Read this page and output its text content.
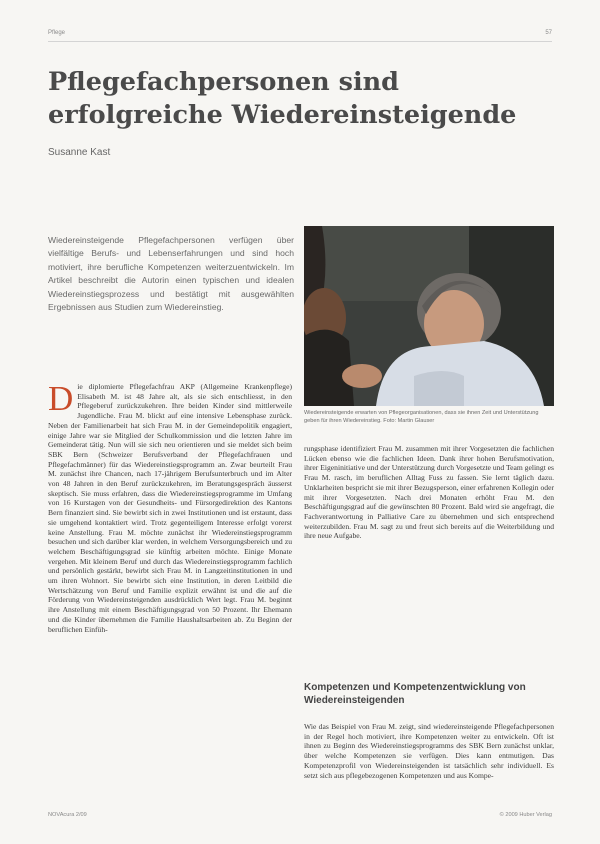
Pflege	57
Pflegefachpersonen sind erfolgreiche Wiedereinsteigende
Susanne Kast

Wiedereinsteigende Pflegefachpersonen verfügen über vielfältige Berufs- und Lebenserfahrungen und sind hoch motiviert, ihre berufliche Kompetenzen weiterzuentwickeln. Im Artikel beschreibt die Autorin einen typischen und idealen Wiedereinstiegsprozess und bestätigt mit ausgewählten Ergebnissen aus Studien zum Wiedereinstieg.

Wiedereinsteigende erwarten von Pflegeorganisationen, dass sie ihnen Zeit und Unterstützung geben für ihren Wiedereinstieg. Foto: Martin Glauser

Die diplomierte Pflegefachfrau AKP (Allgemeine Krankenpflege) Elisabeth M. ist 48 Jahre alt, als sie sich entschliesst, in den Pflegeberuf zurückzukehren. Ihre beiden Kinder sind mittlerweile Jugendliche. Frau M. blickt auf eine intensive Lebensphase zurück. Neben der Familienarbeit hat sich Frau M. in der Gemeindepolitik engagiert, einige Jahre war sie Mitglied der Schulkommission und die letzten Jahre im Gemeinderat tätig. Nun will sie sich neu orientieren und sie meldet sich beim SBK Bern (Schweizer Berufsverband der Pflegefachfrauen und Pflegefachmänner) für das Wiedereinstiegsprogramm an. Zwar beurteilt Frau M. zunächst ihre Chancen, nach 17-jährigem Berufsunterbruch und im Alter von 48 Jahren in den Beruf zurückzukehren, im Beratungsgespräch äusserst skeptisch. Sie muss erfahren, dass die Wiedereinstiegsprogramme im Umfang von 16 Kurstagen von der Gesundheits- und Fürsorgedirektion des Kantons Bern finanziert sind. Sie bewirbt sich in zwei Institutionen und ist erstaunt, dass sie umgehend kontaktiert wird. Trotz gegenteiligem Interesse erfolgt vorerst keine Anstellung. Frau M. möchte zunächst ihr Wiedereinstiegsprogramm besuchen und sich darüber klar werden, in welchem Versorgungsbereich und zu welchem Beschäftigungsgrad sie künftig arbeiten möchte. Einige Monate vergehen. Mit kleinem Beruf und durch das Wiedereinstiegsprogramm fachlich und persönlich gestärkt, bewirbt sich Frau M. in Langzeitinstitutionen in und um ihren Wohnort. Sie bewirbt sich eine Institution, in deren Leitbild die Wertschätzung von Beruf und Familie explizit erwähnt ist und die auf die Förderung von Wiedereinsteigenden ausdrücklich Wert legt. Frau M. beginnt ihre Anstellung mit einem Beschäftigungsgrad von 50 Prozent. Ihr Ehemann und die Kinder übernehmen die Familie Haushaltsarbeiten ab. Zu Beginn der beruflichen Einfüh-

rungsphase identifiziert Frau M. zusammen mit ihrer Vorgesetzten die fachlichen Lücken ebenso wie die fachlichen Ideen. Dank ihrer hohen Berufsmotivation, ihrer Eigeninitiative und der Unterstützung durch Vorgesetzte und Team gelingt es Frau M. rasch, im beruflichen Alltag Fuss zu fassen. Sie lernt täglich dazu. Unklarheiten bespricht sie mit ihrer Bezugsperson, einer erfahrenen Kollegin oder mit ihrer Vorgesetzten. Nach drei Monaten erhöht Frau M. den Beschäftigungsgrad auf die gewünschten 80 Prozent. Bald wird sie angefragt, die Fachverantwortung in Palliative Care zu übernehmen und sich entsprechend weiterzubilden. Frau M. sagt zu und freut sich bereits auf die Weiterbildung und ihre neue Aufgabe.

Kompetenzen und Kompetenzentwicklung von Wiedereinsteigenden

Wie das Beispiel von Frau M. zeigt, sind wiedereinsteigende Pflegefachpersonen in der Regel hoch motiviert, ihre Kompetenzen weiter zu entwickeln. Oft ist ihnen zu Beginn des Wiedereinstiegsprogramms des SBK Bern zunächst unklar, über welche Kompetenzen sie verfügen. Dies kann entmutigen. Das Kompetenzprofil von Wiedereinsteigenden ist tatsächlich sehr individuell. Es setzt sich aus pflegebezogenen Kompetenzen und aus Kompe-

NOVAcura 2/09	© 2009 Huber Verlag
